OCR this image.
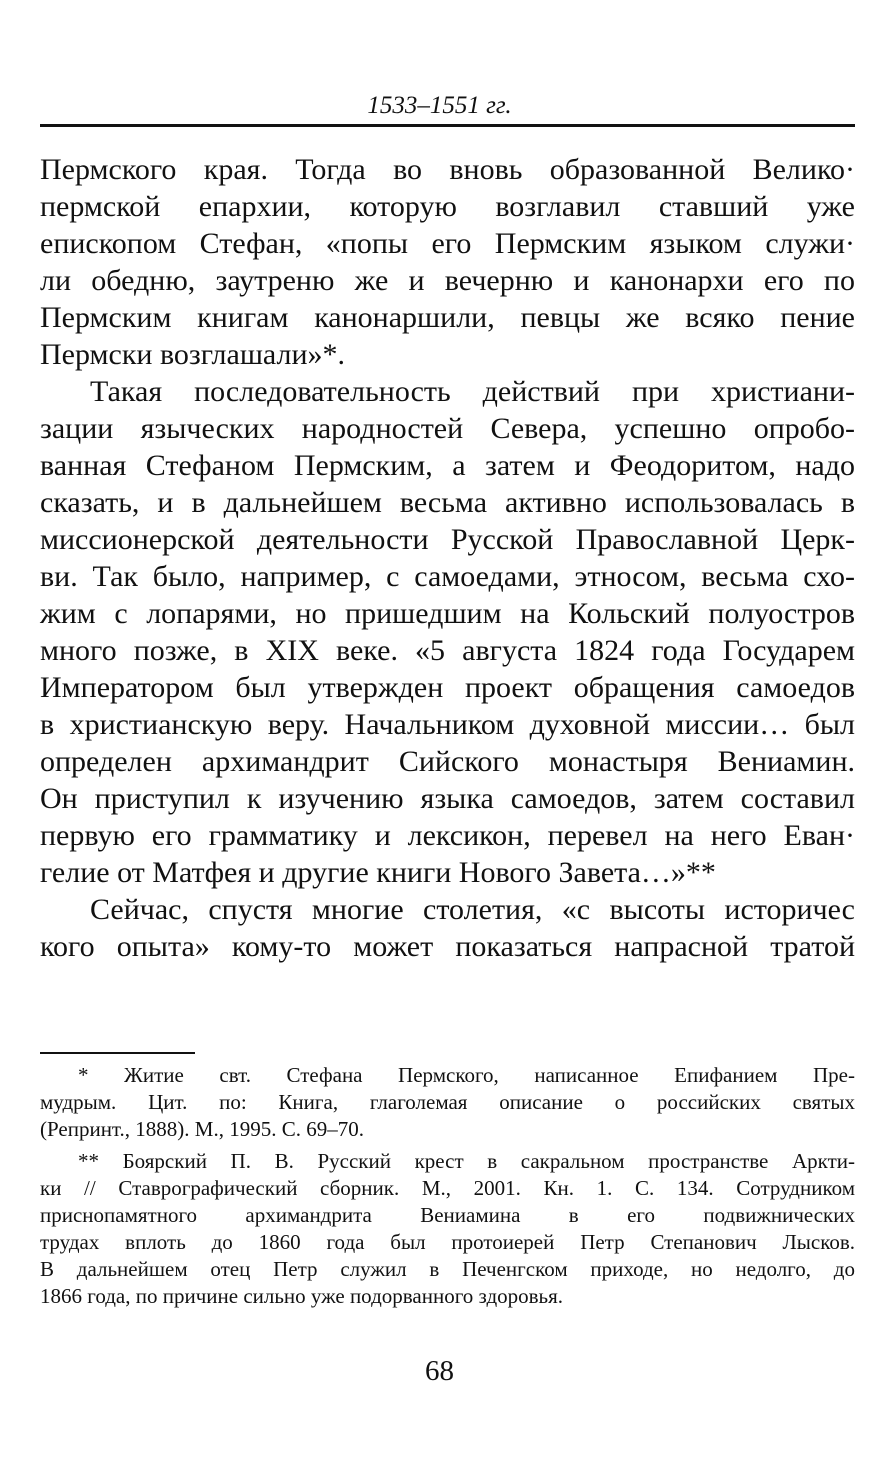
1533–1551 гг.
Пермского края. Тогда во вновь образованной Велико·
пермской епархии, которую возглавил ставший уже
епископом Стефан, «попы его Пермским языком служи·
ли обедню, заутреню же и вечерню и канонархи его по
Пермским книгам канонаршили, певцы же всяко пение
Пермски возглашали»*.
Такая последовательность действий при христиани-
зации языческих народностей Севера, успешно опробо-
ванная Стефаном Пермским, а затем и Феодоритом, надо
сказать, и в дальнейшем весьма активно использовалась в
миссионерской деятельности Русской Православной Церк-
ви. Так было, например, с самоедами, этносом, весьма схо-
жим с лопарями, но пришедшим на Кольский полуостров
много позже, в XIX веке. «5 августа 1824 года Государем
Императором был утвержден проект обращения самоедов
в христианскую веру. Начальником духовной миссии… был
определен архимандрит Сийского монастыря Вениамин.
Он приступил к изучению языка самоедов, затем составил
первую его грамматику и лексикон, перевел на него Еван·
гелие от Матфея и другие книги Нового Завета…»**
Сейчас, спустя многие столетия, «с высоты историчес
кого опыта» кому-то может показаться напрасной тратой
* Житие свт. Стефана Пермского, написанное Епифанием Пре-
мудрым. Цит. по: Книга, глаголемая описание о российских святых
(Репринт., 1888). М., 1995. С. 69–70.
** Боярский П. В. Русский крест в сакральном пространстве Аркти-
ки // Ставрографический сборник. М., 2001. Кн. 1. С. 134. Сотрудником
приснопамятного архимандрита Вениамина в его подвижнических
трудах вплоть до 1860 года был протоиерей Петр Степанович Лысков.
В дальнейшем отец Петр служил в Печенгском приходе, но недолго, до
1866 года, по причине сильно уже подорванного здоровья.
68
